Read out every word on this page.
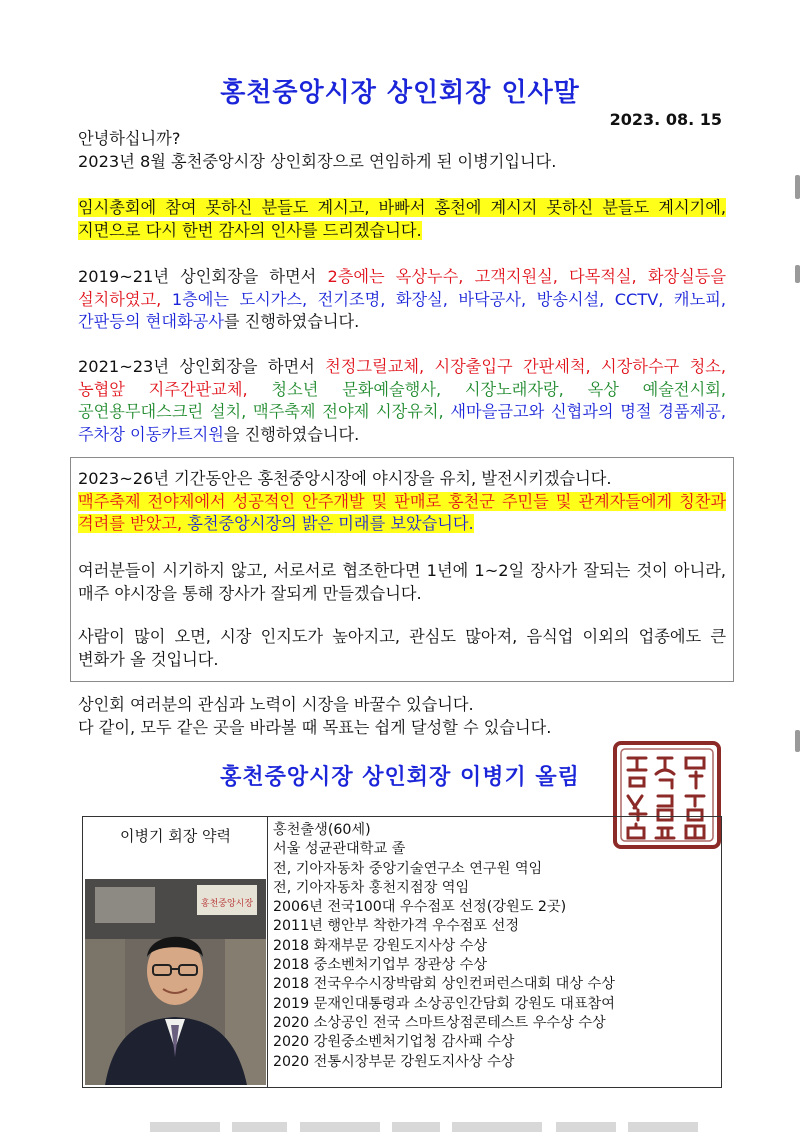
홍천중앙시장 상인회장 인사말
2023. 08. 15
안녕하십니까?
2023년 8월 홍천중앙시장 상인회장으로 연임하게 된 이병기입니다.
임시총회에 참여 못하신 분들도 계시고, 바빠서 홍천에 계시지 못하신 분들도 계시기에, 지면으로 다시 한번 감사의 인사를 드리겠습니다.
2019~21년 상인회장을 하면서 2층에는 옥상누수, 고객지원실, 다목적실, 화장실등을 설치하였고, 1층에는 도시가스, 전기조명, 화장실, 바닥공사, 방송시설, CCTV, 캐노피, 간판등의 현대화공사를 진행하였습니다.
2021~23년 상인회장을 하면서 천정그릴교체, 시장출입구 간판세척, 시장하수구 청소, 농협앞 지주간판교체, 청소년 문화예술행사, 시장노래자랑, 옥상 예술전시회, 공연용무대스크린 설치, 맥주축제 전야제 시장유치, 새마을금고와 신협과의 명절 경품제공, 주차장 이동카트지원을 진행하였습니다.
2023~26년 기간동안은 홍천중앙시장에 야시장을 유치, 발전시키겠습니다.
맥주축제 전야제에서 성공적인 안주개발 및 판매로 홍천군 주민들 및 관계자들에게 칭찬과 격려를 받았고, 홍천중앙시장의 밝은 미래를 보았습니다.
여러분들이 시기하지 않고, 서로서로 협조한다면 1년에 1~2일 장사가 잘되는 것이 아니라, 매주 야시장을 통해 장사가 잘되게 만들겠습니다.
사람이 많이 오면, 시장 인지도가 높아지고, 관심도 많아져, 음식업 이외의 업종에도 큰 변화가 올 것입니다.
상인회 여러분의 관심과 노력이 시장을 바꿀수 있습니다.
다 같이, 모두 같은 곳을 바라볼 때 목표는 쉽게 달성할 수 있습니다.
홍천중앙시장 상인회장 이병기 올림
이병기 회장 약력
홍천중앙시장
홍천출생(60세)
서울 성균관대학교 졸
전, 기아자동차 중앙기술연구소 연구원 역임
전, 기아자동차 홍천지점장 역임
2006년 전국100대 우수점포 선정(강원도 2곳)
2011년 행안부 착한가격 우수점포 선정
2018 화재부문 강원도지사상 수상
2018 중소벤처기업부 장관상 수상
2018 전국우수시장박람회 상인컨퍼런스대회 대상 수상
2019 문재인대통령과 소상공인간담회 강원도 대표참여
2020 소상공인 전국 스마트상점콘테스트 우수상 수상
2020 강원중소벤처기업청 감사패 수상
2020 전통시장부문 강원도지사상 수상
